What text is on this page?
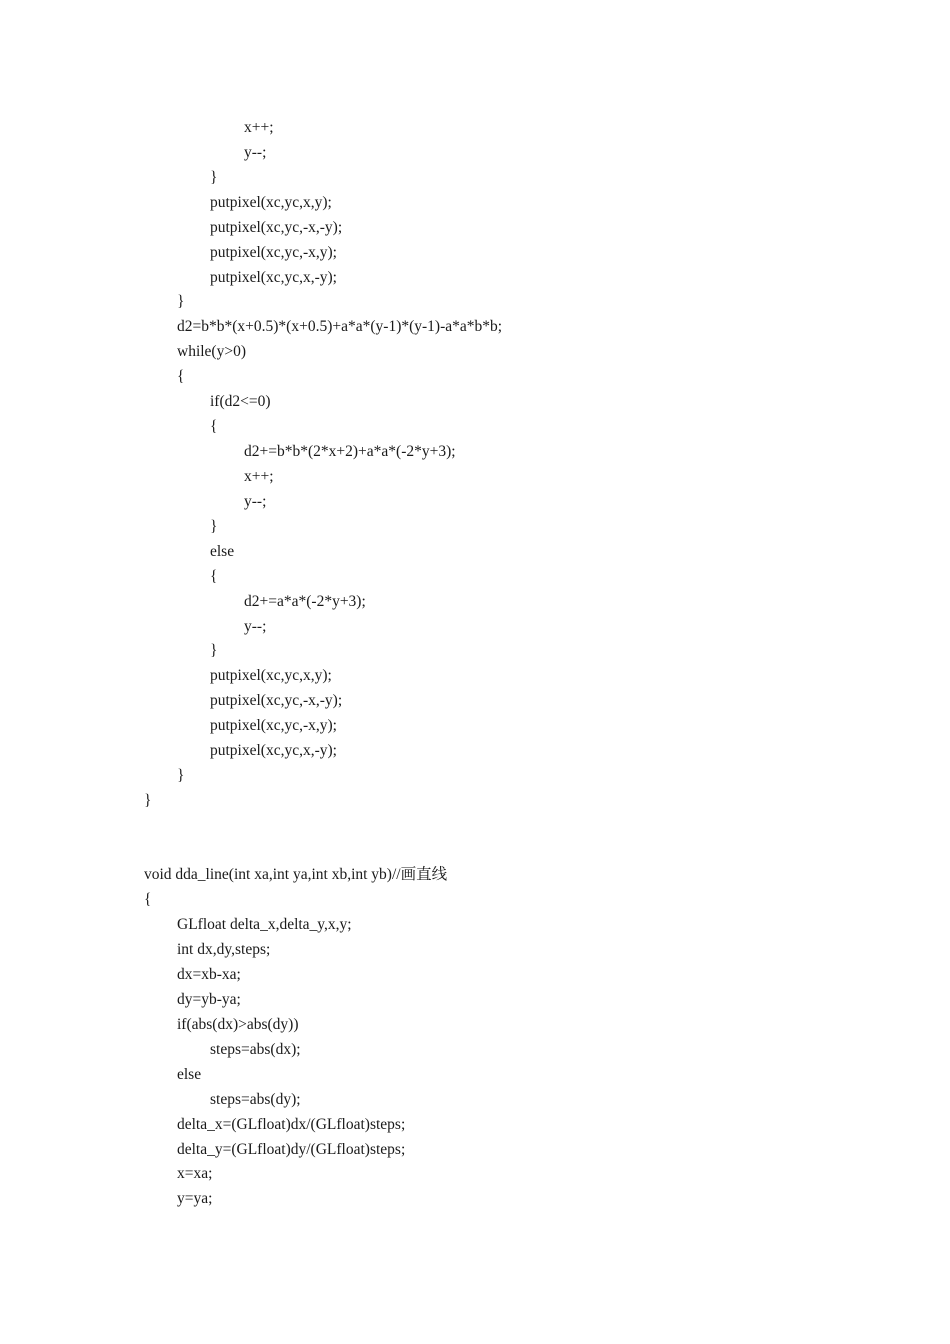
x++;
y--;
}
putpixel(xc,yc,x,y);
putpixel(xc,yc,-x,-y);
putpixel(xc,yc,-x,y);
putpixel(xc,yc,x,-y);
}
d2=b*b*(x+0.5)*(x+0.5)+a*a*(y-1)*(y-1)-a*a*b*b;
while(y>0)
{
if(d2<=0)
{
d2+=b*b*(2*x+2)+a*a*(-2*y+3);
x++;
y--;
}
else
{
d2+=a*a*(-2*y+3);
y--;
}
putpixel(xc,yc,x,y);
putpixel(xc,yc,-x,-y);
putpixel(xc,yc,-x,y);
putpixel(xc,yc,x,-y);
}
}
void dda_line(int xa,int ya,int xb,int yb)//画直线
{
GLfloat delta_x,delta_y,x,y;
int dx,dy,steps;
dx=xb-xa;
dy=yb-ya;
if(abs(dx)>abs(dy))
steps=abs(dx);
else
steps=abs(dy);
delta_x=(GLfloat)dx/(GLfloat)steps;
delta_y=(GLfloat)dy/(GLfloat)steps;
x=xa;
y=ya;
